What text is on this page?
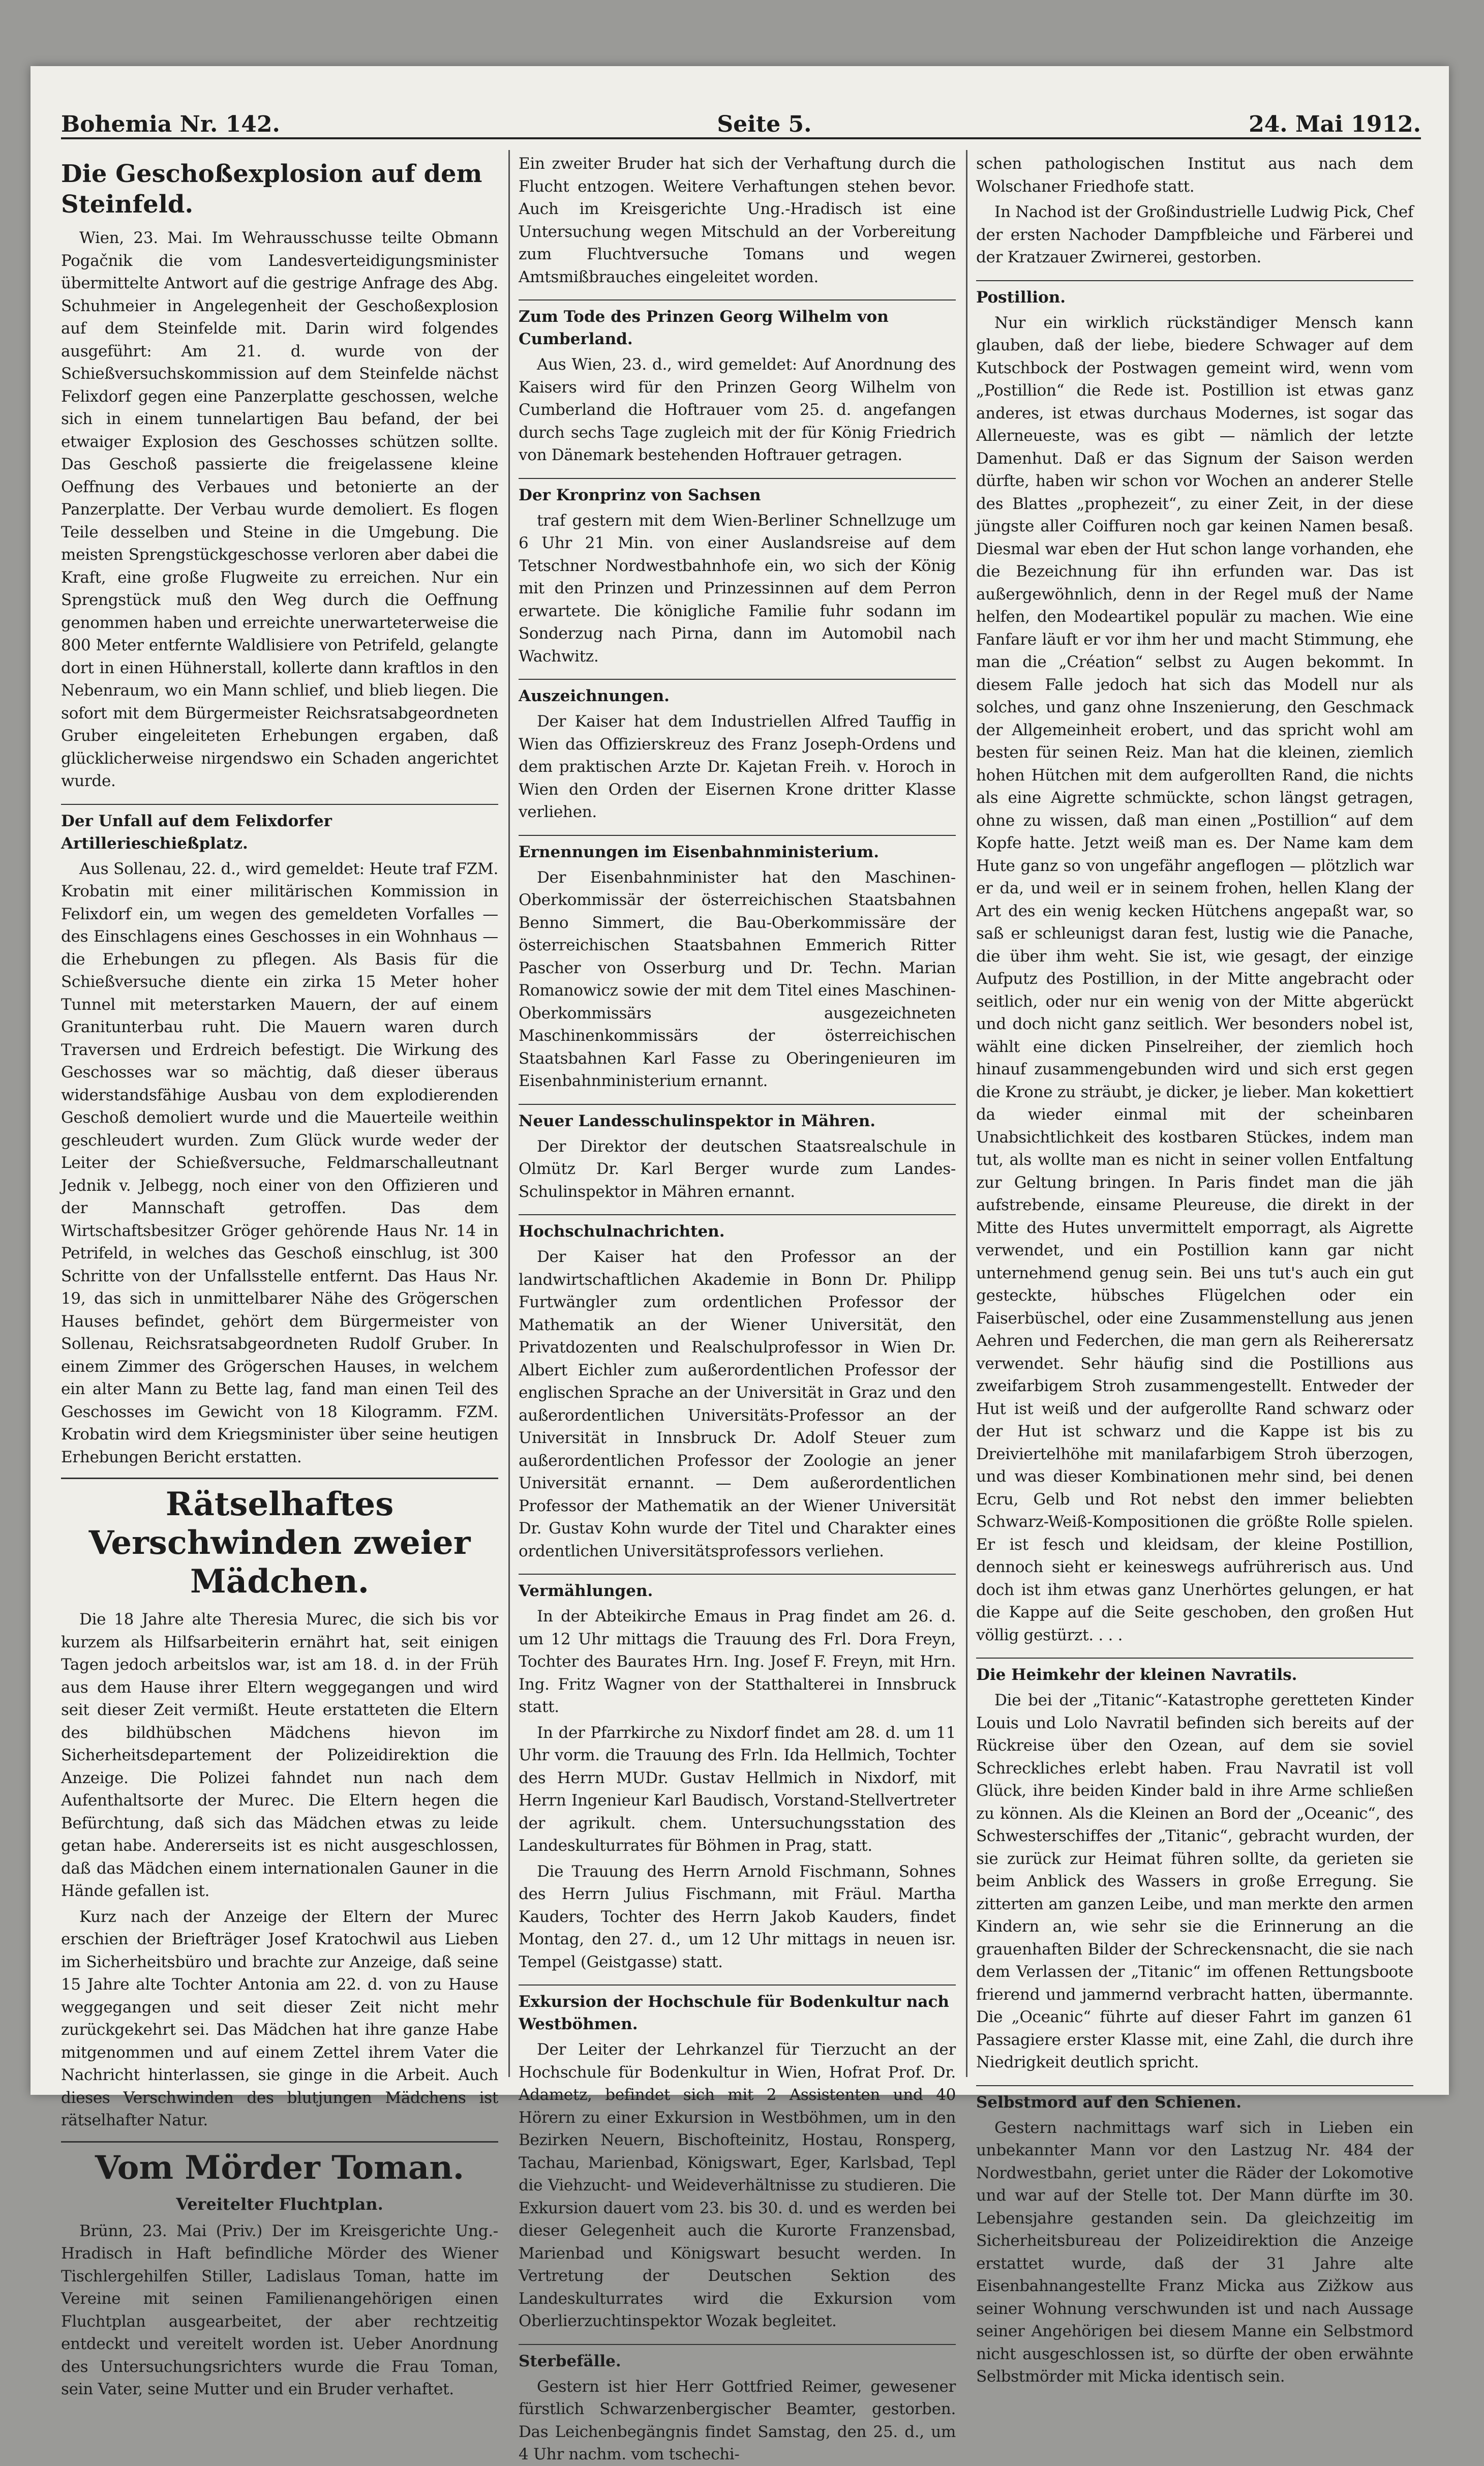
Bohemia Nr. 142.	Seite 5.	24. Mai 1912.
Die Geschoßexplosion auf dem Steinfeld.

Wien, 23. Mai. Im Wehrausschusse teilte Obmann Pogačnik die vom Landesverteidigungsminister übermittelte Antwort auf die gestrige Anfrage des Abg. Schuhmeier in Angelegenheit der Geschoßexplosion auf dem Steinfelde mit. Darin wird folgendes ausgeführt: Am 21. d. wurde von der Schießversuchskommission auf dem Steinfelde nächst Felixdorf gegen eine Panzerplatte geschossen, welche sich in einem tunnelartigen Bau befand, der bei etwaiger Explosion des Geschosses schützen sollte. Das Geschoß passierte die freigelassene kleine Oeffnung des Verbaues und betonierte an der Panzerplatte. Der Verbau wurde demoliert. Es flogen Teile desselben und Steine in die Umgebung. Die meisten Sprengstückgeschosse verloren aber dabei die Kraft, eine große Flugweite zu erreichen. Nur ein Sprengstück muß den Weg durch die Oeffnung genommen haben und erreichte unerwarteterweise die 800 Meter entfernte Waldlisiere von Petrifeld, gelangte dort in einen Hühnerstall, kollerte dann kraftlos in den Nebenraum, wo ein Mann schlief, und blieb liegen. Die sofort mit dem Bürgermeister Reichsratsabgeordneten Gruber eingeleiteten Erhebungen ergaben, daß glücklicherweise nirgendswo ein Schaden angerichtet wurde.

Der Unfall auf dem Felixdorfer Artillerieschießplatz.

Aus Sollenau, 22. d., wird gemeldet: Heute traf FZM. Krobatin mit einer militärischen Kommission in Felixdorf ein, um wegen des gemeldeten Vorfalles — des Einschlagens eines Geschosses in ein Wohnhaus — die Erhebungen zu pflegen. Als Basis für die Schießversuche diente ein zirka 15 Meter hoher Tunnel mit meterstarken Mauern, der auf einem Granitunterbau ruht. Die Mauern waren durch Traversen und Erdreich befestigt. Die Wirkung des Geschosses war so mächtig, daß dieser überaus widerstandsfähige Ausbau von dem explodierenden Geschoß demoliert wurde und die Mauerteile weithin geschleudert wurden. Zum Glück wurde weder der Leiter der Schießversuche, Feldmarschalleutnant Jednik v. Jelbegg, noch einer von den Offizieren und der Mannschaft getroffen. Das dem Wirtschaftsbesitzer Gröger gehörende Haus Nr. 14 in Petrifeld, in welches das Geschoß einschlug, ist 300 Schritte von der Unfallsstelle entfernt. Das Haus Nr. 19, das sich in unmittelbarer Nähe des Grögerschen Hauses befindet, gehört dem Bürgermeister von Sollenau, Reichsratsabgeordneten Rudolf Gruber. In einem Zimmer des Grögerschen Hauses, in welchem ein alter Mann zu Bette lag, fand man einen Teil des Geschosses im Gewicht von 18 Kilogramm. FZM. Krobatin wird dem Kriegsminister über seine heutigen Erhebungen Bericht erstatten.

Rätselhaftes Verschwinden zweier Mädchen.

Die 18 Jahre alte Theresia Murec, die sich bis vor kurzem als Hilfsarbeiterin ernährt hat, seit einigen Tagen jedoch arbeitslos war, ist am 18. d. in der Früh aus dem Hause ihrer Eltern weggegangen und wird seit dieser Zeit vermißt. Heute erstatteten die Eltern des bildhübschen Mädchens hievon im Sicherheitsdepartement der Polizeidirektion die Anzeige. Die Polizei fahndet nun nach dem Aufenthaltsorte der Murec. Die Eltern hegen die Befürchtung, daß sich das Mädchen etwas zu leide getan habe. Andererseits ist es nicht ausgeschlossen, daß das Mädchen einem internationalen Gauner in die Hände gefallen ist.

Kurz nach der Anzeige der Eltern der Murec erschien der Briefträger Josef Kratochwil aus Lieben im Sicherheitsbüro und brachte zur Anzeige, daß seine 15 Jahre alte Tochter Antonia am 22. d. von zu Hause weggegangen und seit dieser Zeit nicht mehr zurückgekehrt sei. Das Mädchen hat ihre ganze Habe mitgenommen und auf einem Zettel ihrem Vater die Nachricht hinterlassen, sie ginge in die Arbeit. Auch dieses Verschwinden des blutjungen Mädchens ist rätselhafter Natur.

Vom Mörder Toman.
Vereitelter Fluchtplan.

Brünn, 23. Mai (Priv.) Der im Kreisgerichte Ung.-Hradisch in Haft befindliche Mörder des Wiener Tischlergehilfen Stiller, Ladislaus Toman, hatte im Vereine mit seinen Familienangehörigen einen Fluchtplan ausgearbeitet, der aber rechtzeitig entdeckt und vereitelt worden ist. Ueber Anordnung des Untersuchungsrichters wurde die Frau Toman, sein Vater, seine Mutter und ein Bruder verhaftet.

Ein zweiter Bruder hat sich der Verhaftung durch die Flucht entzogen. Weitere Verhaftungen stehen bevor. Auch im Kreisgerichte Ung.-Hradisch ist eine Untersuchung wegen Mitschuld an der Vorbereitung zum Fluchtversuche Tomans und wegen Amtsmißbrauches eingeleitet worden.

Zum Tode des Prinzen Georg Wilhelm von Cumberland.

Aus Wien, 23. d., wird gemeldet: Auf Anordnung des Kaisers wird für den Prinzen Georg Wilhelm von Cumberland die Hoftrauer vom 25. d. angefangen durch sechs Tage zugleich mit der für König Friedrich von Dänemark bestehenden Hoftrauer getragen.

Der Kronprinz von Sachsen

traf gestern mit dem Wien-Berliner Schnellzuge um 6 Uhr 21 Min. von einer Auslandsreise auf dem Tetschner Nordwestbahnhofe ein, wo sich der König mit den Prinzen und Prinzessinnen auf dem Perron erwartete. Die königliche Familie fuhr sodann im Sonderzug nach Pirna, dann im Automobil nach Wachwitz.

Auszeichnungen.

Der Kaiser hat dem Industriellen Alfred Tauffig in Wien das Offizierskreuz des Franz Joseph-Ordens und dem praktischen Arzte Dr. Kajetan Freih. v. Horoch in Wien den Orden der Eisernen Krone dritter Klasse verliehen.

Ernennungen im Eisenbahnministerium.

Der Eisenbahnminister hat den Maschinen-Oberkommissär der österreichischen Staatsbahnen Benno Simmert, die Bau-Oberkommissäre der österreichischen Staatsbahnen Emmerich Ritter Pascher von Osserburg und Dr. Techn. Marian Romanowicz sowie der mit dem Titel eines Maschinen-Oberkommissärs ausgezeichneten Maschinenkommissärs der österreichischen Staatsbahnen Karl Fasse zu Oberingenieuren im Eisenbahnministerium ernannt.

Neuer Landesschulinspektor in Mähren.

Der Direktor der deutschen Staatsrealschule in Olmütz Dr. Karl Berger wurde zum Landes-Schulinspektor in Mähren ernannt.

Hochschulnachrichten.

Der Kaiser hat den Professor an der landwirtschaftlichen Akademie in Bonn Dr. Philipp Furtwängler zum ordentlichen Professor der Mathematik an der Wiener Universität, den Privatdozenten und Realschulprofessor in Wien Dr. Albert Eichler zum außerordentlichen Professor der englischen Sprache an der Universität in Graz und den außerordentlichen Universitäts-Professor an der Universität in Innsbruck Dr. Adolf Steuer zum außerordentlichen Professor der Zoologie an jener Universität ernannt. — Dem außerordentlichen Professor der Mathematik an der Wiener Universität Dr. Gustav Kohn wurde der Titel und Charakter eines ordentlichen Universitätsprofessors verliehen.

Vermählungen.

In der Abteikirche Emaus in Prag findet am 26. d. um 12 Uhr mittags die Trauung des Frl. Dora Freyn, Tochter des Baurates Hrn. Ing. Josef F. Freyn, mit Hrn. Ing. Fritz Wagner von der Statthalterei in Innsbruck statt.

In der Pfarrkirche zu Nixdorf findet am 28. d. um 11 Uhr vorm. die Trauung des Frln. Ida Hellmich, Tochter des Herrn MUDr. Gustav Hellmich in Nixdorf, mit Herrn Ingenieur Karl Baudisch, Vorstand-Stellvertreter der agrikult. chem. Untersuchungsstation des Landeskulturrates für Böhmen in Prag, statt.

Die Trauung des Herrn Arnold Fischmann, Sohnes des Herrn Julius Fischmann, mit Fräul. Martha Kauders, Tochter des Herrn Jakob Kauders, findet Montag, den 27. d., um 12 Uhr mittags in neuen isr. Tempel (Geistgasse) statt.

Exkursion der Hochschule für Bodenkultur nach Westböhmen.

Der Leiter der Lehrkanzel für Tierzucht an der Hochschule für Bodenkultur in Wien, Hofrat Prof. Dr. Adametz, befindet sich mit 2 Assistenten und 40 Hörern zu einer Exkursion in Westböhmen, um in den Bezirken Neuern, Bischofteinitz, Hostau, Ronsperg, Tachau, Marienbad, Königswart, Eger, Karlsbad, Tepl die Viehzucht- und Weideverhältnisse zu studieren. Die Exkursion dauert vom 23. bis 30. d. und es werden bei dieser Gelegenheit auch die Kurorte Franzensbad, Marienbad und Königswart besucht werden. In Vertretung der Deutschen Sektion des Landeskulturrates wird die Exkursion vom Oberlierzuchtinspektor Wozak begleitet.

Sterbefälle.

Gestern ist hier Herr Gottfried Reimer, gewesener fürstlich Schwarzenbergischer Beamter, gestorben. Das Leichenbegängnis findet Samstag, den 25. d., um 4 Uhr nachm. vom tschechi-

schen pathologischen Institut aus nach dem Wolschaner Friedhofe statt.

In Nachod ist der Großindustrielle Ludwig Pick, Chef der ersten Nachoder Dampfbleiche und Färberei und der Kratzauer Zwirnerei, gestorben.

Postillion.

Nur ein wirklich rückständiger Mensch kann glauben, daß der liebe, biedere Schwager auf dem Kutschbock der Postwagen gemeint wird, wenn vom „Postillion“ die Rede ist. Postillion ist etwas ganz anderes, ist etwas durchaus Modernes, ist sogar das Allerneueste, was es gibt — nämlich der letzte Damenhut. Daß er das Signum der Saison werden dürfte, haben wir schon vor Wochen an anderer Stelle des Blattes „prophezeit“, zu einer Zeit, in der diese jüngste aller Coiffuren noch gar keinen Namen besaß. Diesmal war eben der Hut schon lange vorhanden, ehe die Bezeichnung für ihn erfunden war. Das ist außergewöhnlich, denn in der Regel muß der Name helfen, den Modeartikel populär zu machen. Wie eine Fanfare läuft er vor ihm her und macht Stimmung, ehe man die „Création“ selbst zu Augen bekommt. In diesem Falle jedoch hat sich das Modell nur als solches, und ganz ohne Inszenierung, den Geschmack der Allgemeinheit erobert, und das spricht wohl am besten für seinen Reiz. Man hat die kleinen, ziemlich hohen Hütchen mit dem aufgerollten Rand, die nichts als eine Aigrette schmückte, schon längst getragen, ohne zu wissen, daß man einen „Postillion“ auf dem Kopfe hatte. Jetzt weiß man es. Der Name kam dem Hute ganz so von ungefähr angeflogen — plötzlich war er da, und weil er in seinem frohen, hellen Klang der Art des ein wenig kecken Hütchens angepaßt war, so saß er schleunigst daran fest, lustig wie die Panache, die über ihm weht. Sie ist, wie gesagt, der einzige Aufputz des Postillion, in der Mitte angebracht oder seitlich, oder nur ein wenig von der Mitte abgerückt und doch nicht ganz seitlich. Wer besonders nobel ist, wählt eine dicken Pinselreiher, der ziemlich hoch hinauf zusammengebunden wird und sich erst gegen die Krone zu sträubt, je dicker, je lieber. Man kokettiert da wieder einmal mit der scheinbaren Unabsichtlichkeit des kostbaren Stückes, indem man tut, als wollte man es nicht in seiner vollen Entfaltung zur Geltung bringen. In Paris findet man die jäh aufstrebende, einsame Pleureuse, die direkt in der Mitte des Hutes unvermittelt emporragt, als Aigrette verwendet, und ein Postillion kann gar nicht unternehmend genug sein. Bei uns tut's auch ein gut gesteckte, hübsches Flügelchen oder ein Faiserbüschel, oder eine Zusammenstellung aus jenen Aehren und Federchen, die man gern als Reiherersatz verwendet. Sehr häufig sind die Postillions aus zweifarbigem Stroh zusammengestellt. Entweder der Hut ist weiß und der aufgerollte Rand schwarz oder der Hut ist schwarz und die Kappe ist bis zu Dreiviertelhöhe mit manilafarbigem Stroh überzogen, und was dieser Kombinationen mehr sind, bei denen Ecru, Gelb und Rot nebst den immer beliebten Schwarz-Weiß-Kompositionen die größte Rolle spielen. Er ist fesch und kleidsam, der kleine Postillion, dennoch sieht er keineswegs aufrührerisch aus. Und doch ist ihm etwas ganz Unerhörtes gelungen, er hat die Kappe auf die Seite geschoben, den großen Hut völlig gestürzt. . . .

Die Heimkehr der kleinen Navratils.

Die bei der „Titanic“-Katastrophe geretteten Kinder Louis und Lolo Navratil befinden sich bereits auf der Rückreise über den Ozean, auf dem sie soviel Schreckliches erlebt haben. Frau Navratil ist voll Glück, ihre beiden Kinder bald in ihre Arme schließen zu können. Als die Kleinen an Bord der „Oceanic“, des Schwesterschiffes der „Titanic“, gebracht wurden, der sie zurück zur Heimat führen sollte, da gerieten sie beim Anblick des Wassers in große Erregung. Sie zitterten am ganzen Leibe, und man merkte den armen Kindern an, wie sehr sie die Erinnerung an die grauenhaften Bilder der Schreckensnacht, die sie nach dem Verlassen der „Titanic“ im offenen Rettungsboote frierend und jammernd verbracht hatten, übermannte. Die „Oceanic“ führte auf dieser Fahrt im ganzen 61 Passagiere erster Klasse mit, eine Zahl, die durch ihre Niedrigkeit deutlich spricht.

Selbstmord auf den Schienen.

Gestern nachmittags warf sich in Lieben ein unbekannter Mann vor den Lastzug Nr. 484 der Nordwestbahn, geriet unter die Räder der Lokomotive und war auf der Stelle tot. Der Mann dürfte im 30. Lebensjahre gestanden sein. Da gleichzeitig im Sicherheitsbureau der Polizeidirektion die Anzeige erstattet wurde, daß der 31 Jahre alte Eisenbahnangestellte Franz Micka aus Zižkow aus seiner Wohnung verschwunden ist und nach Aussage seiner Angehörigen bei diesem Manne ein Selbstmord nicht ausgeschlossen ist, so dürfte der oben erwähnte Selbstmörder mit Micka identisch sein.
